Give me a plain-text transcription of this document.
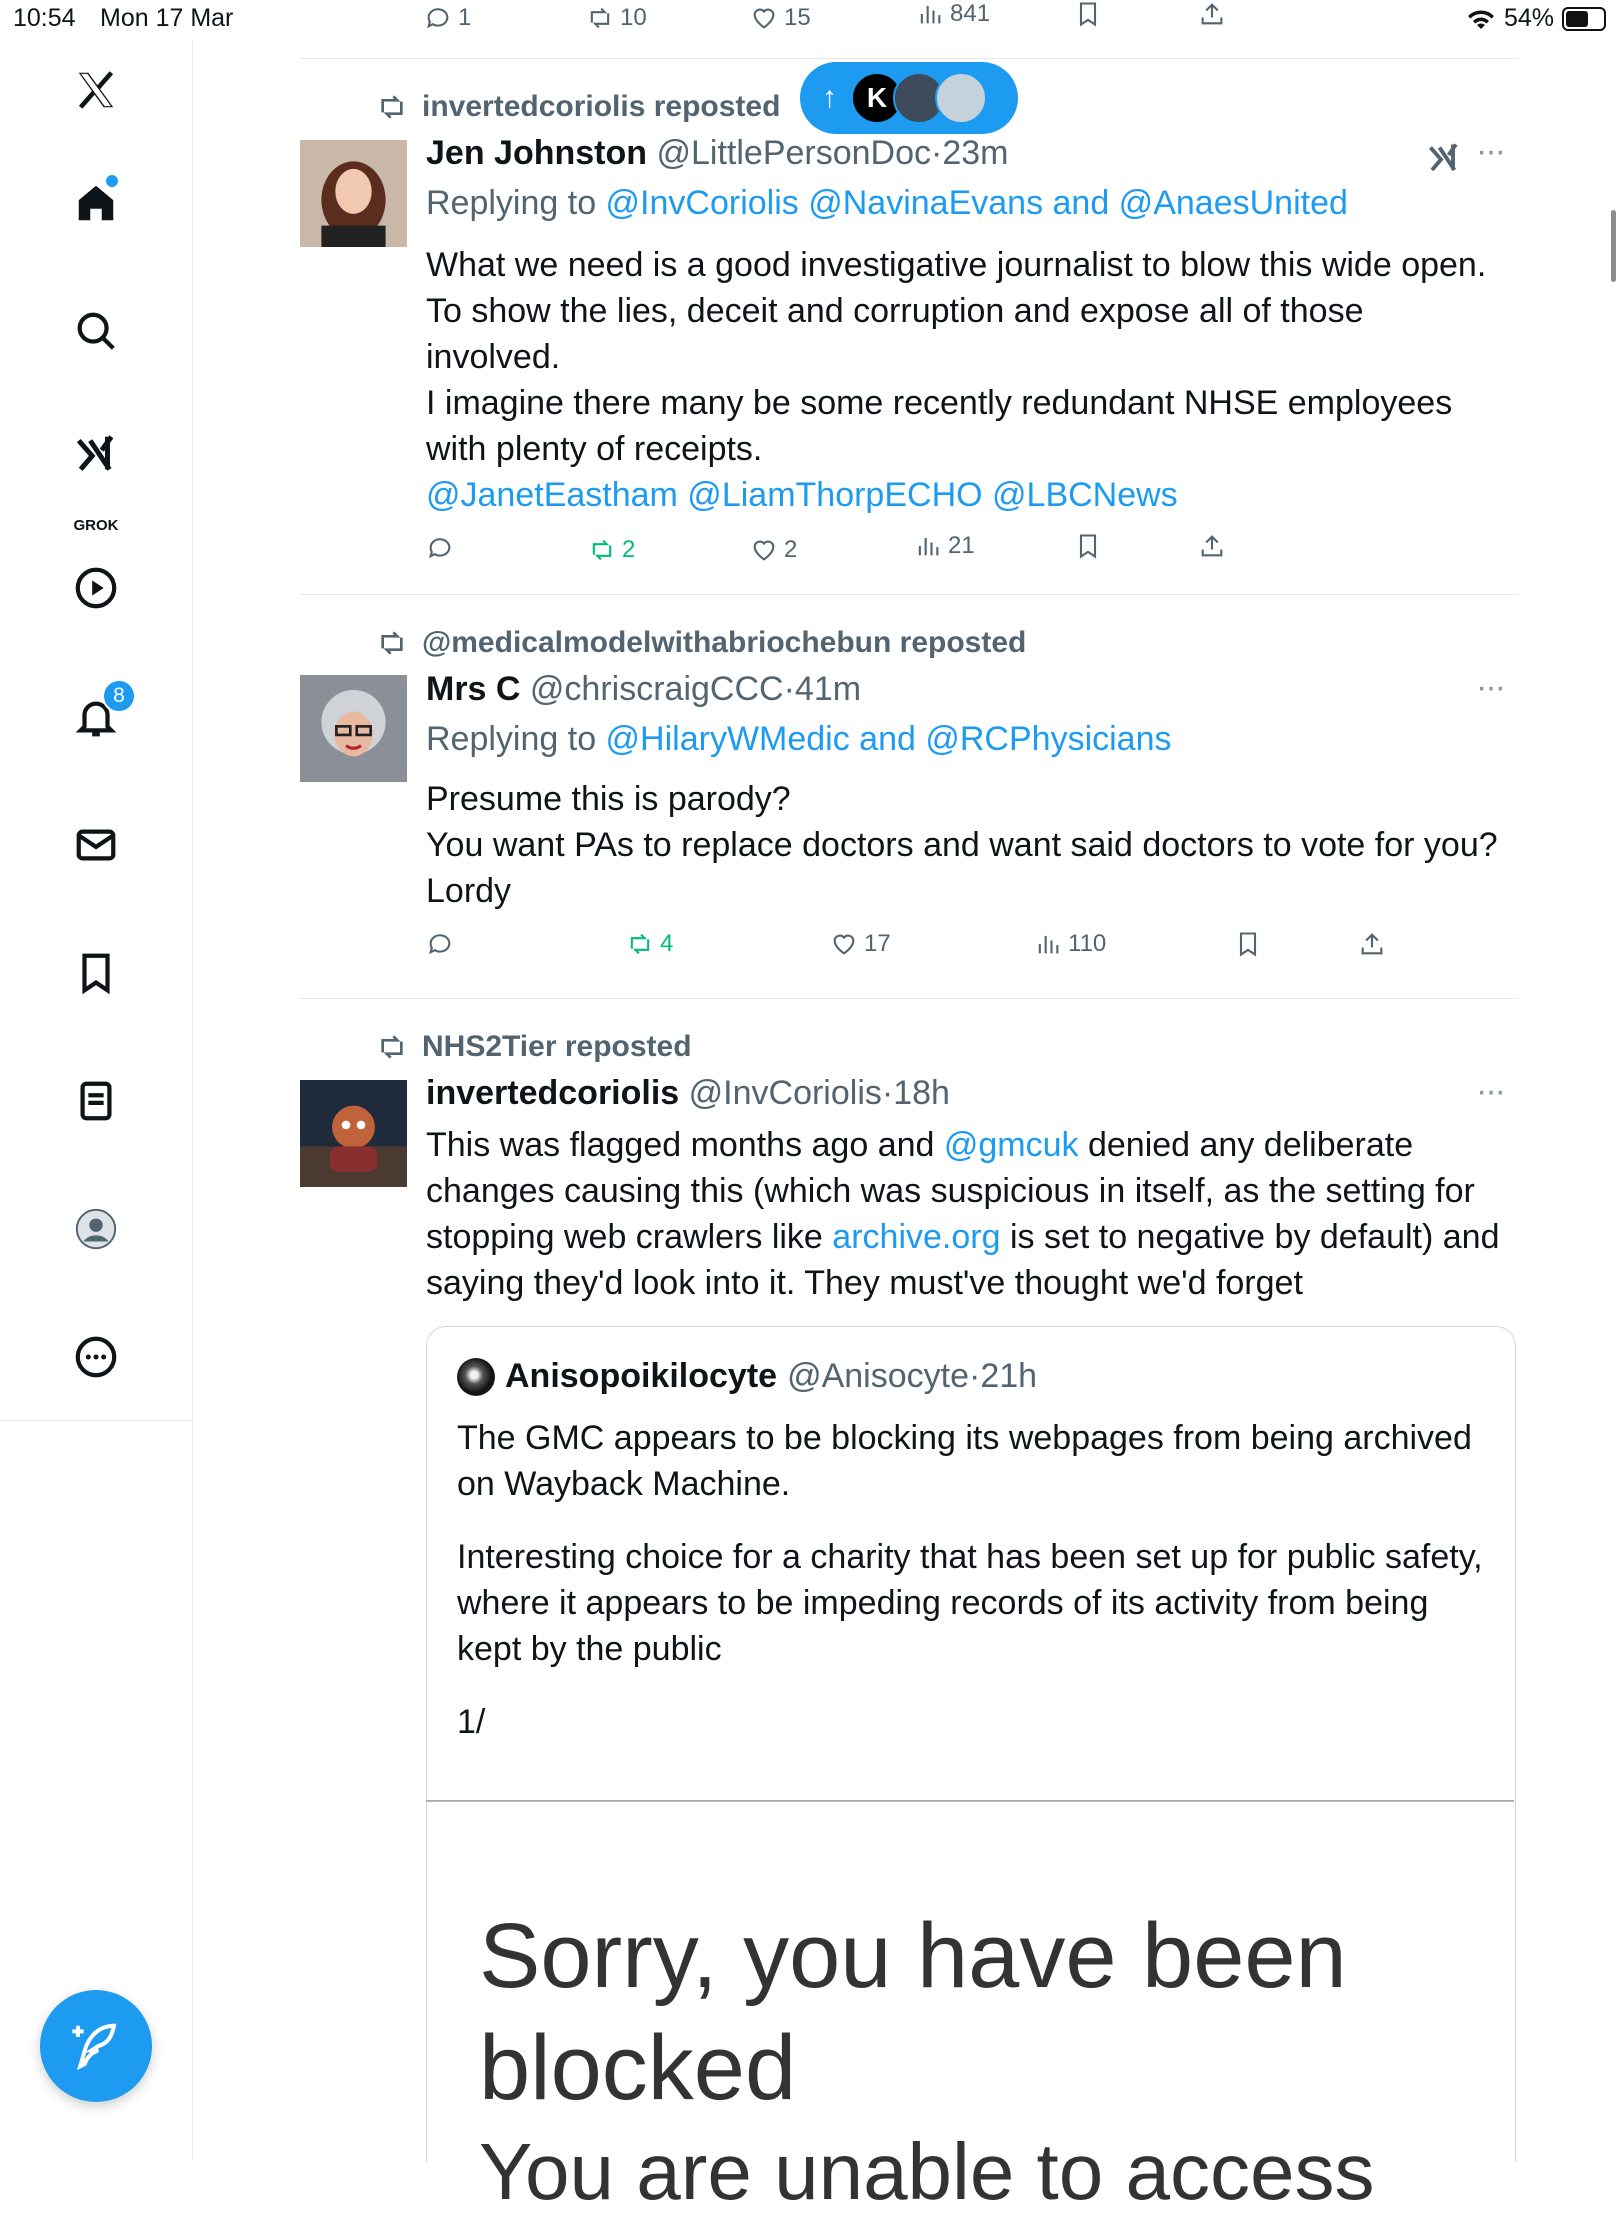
10:54 Mon 17 Mar	54%
1	10	15	841
GROK
8
invertedcoriolis reposted
Jen Johnston @LittlePersonDoc·23m	···
Replying to @InvCoriolis @NavinaEvans and @AnaesUnited
What we need is a good investigative journalist to blow this wide open.
To show the lies, deceit and corruption and expose all of those
involved.
I imagine there many be some recently redundant NHSE employees
with plenty of receipts.
@JanetEastham @LiamThorpECHO @LBCNews
2	2	21
↑	K
@medicalmodelwithabriochebun reposted
Mrs C @chriscraigCCC·41m	···
Replying to @HilaryWMedic and @RCPhysicians
Presume this is parody?
You want PAs to replace doctors and want said doctors to vote for you?
Lordy
4	17	110
NHS2Tier reposted
invertedcoriolis @InvCoriolis·18h	···
This was flagged months ago and @gmcuk denied any deliberate changes causing this (which was suspicious in itself, as the setting for stopping web crawlers like archive.org is set to negative by default) and saying they'd look into it. They must've thought we'd forget
Anisopoikilocyte @Anisocyte·21h

The GMC appears to be blocking its webpages from being archived on Wayback Machine.

Interesting choice for a charity that has been set up for public safety, where it appears to be impeding records of its activity from being kept by the public

1/

Sorry, you have been blocked
You are unable to access
